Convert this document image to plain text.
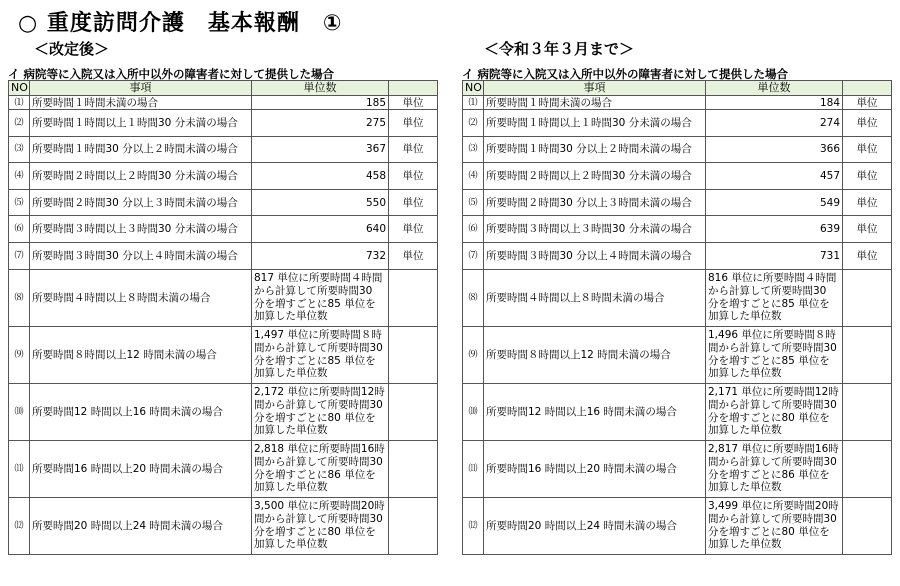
○ 重度訪問介護　基本報酬　①
＜改定後＞	＜令和３年３月まで＞
イ 病院等に入院又は入所中以外の障害者に対して提供した場合	イ 病院等に入院又は入所中以外の障害者に対して提供した場合
NO	事項	単位数	
⑴	所要時間１時間未満の場合	185	単位
⑵	所要時間１時間以上１時間30 分未満の場合	275	単位
⑶	所要時間１時間30 分以上２時間未満の場合	367	単位
⑷	所要時間２時間以上２時間30 分未満の場合	458	単位
⑸	所要時間２時間30 分以上３時間未満の場合	550	単位
⑹	所要時間３時間以上３時間30 分未満の場合	640	単位
⑺	所要時間３時間30 分以上４時間未満の場合	732	単位
⑻	所要時間４時間以上８時間未満の場合	817 単位に所要時間４時間から計算して所要時間30 分を増すごとに85 単位を加算した単位数	
⑼	所要時間８時間以上12 時間未満の場合	1,497 単位に所要時間８時間から計算して所要時間30 分を増すごとに85 単位を加算した単位数	
⑽	所要時間12 時間以上16 時間未満の場合	2,172 単位に所要時間12時間から計算して所要時間30 分を増すごとに80 単位を加算した単位数	
⑾	所要時間16 時間以上20 時間未満の場合	2,818 単位に所要時間16時間から計算して所要時間30 分を増すごとに86 単位を加算した単位数	
⑿	所要時間20 時間以上24 時間未満の場合	3,500 単位に所要時間20時間から計算して所要時間30 分を増すごとに80 単位を加算した単位数	
NO	事項	単位数	
⑴	所要時間１時間未満の場合	184	単位
⑵	所要時間１時間以上１時間30 分未満の場合	274	単位
⑶	所要時間１時間30 分以上２時間未満の場合	366	単位
⑷	所要時間２時間以上２時間30 分未満の場合	457	単位
⑸	所要時間２時間30 分以上３時間未満の場合	549	単位
⑹	所要時間３時間以上３時間30 分未満の場合	639	単位
⑺	所要時間３時間30 分以上４時間未満の場合	731	単位
⑻	所要時間４時間以上８時間未満の場合	816 単位に所要時間４時間から計算して所要時間30 分を増すごとに85 単位を加算した単位数	
⑼	所要時間８時間以上12 時間未満の場合	1,496 単位に所要時間８時間から計算して所要時間30 分を増すごとに85 単位を加算した単位数	
⑽	所要時間12 時間以上16 時間未満の場合	2,171 単位に所要時間12時間から計算して所要時間30 分を増すごとに80 単位を加算した単位数	
⑾	所要時間16 時間以上20 時間未満の場合	2,817 単位に所要時間16時間から計算して所要時間30 分を増すごとに86 単位を加算した単位数	
⑿	所要時間20 時間以上24 時間未満の場合	3,499 単位に所要時間20時間から計算して所要時間30 分を増すごとに80 単位を加算した単位数	
